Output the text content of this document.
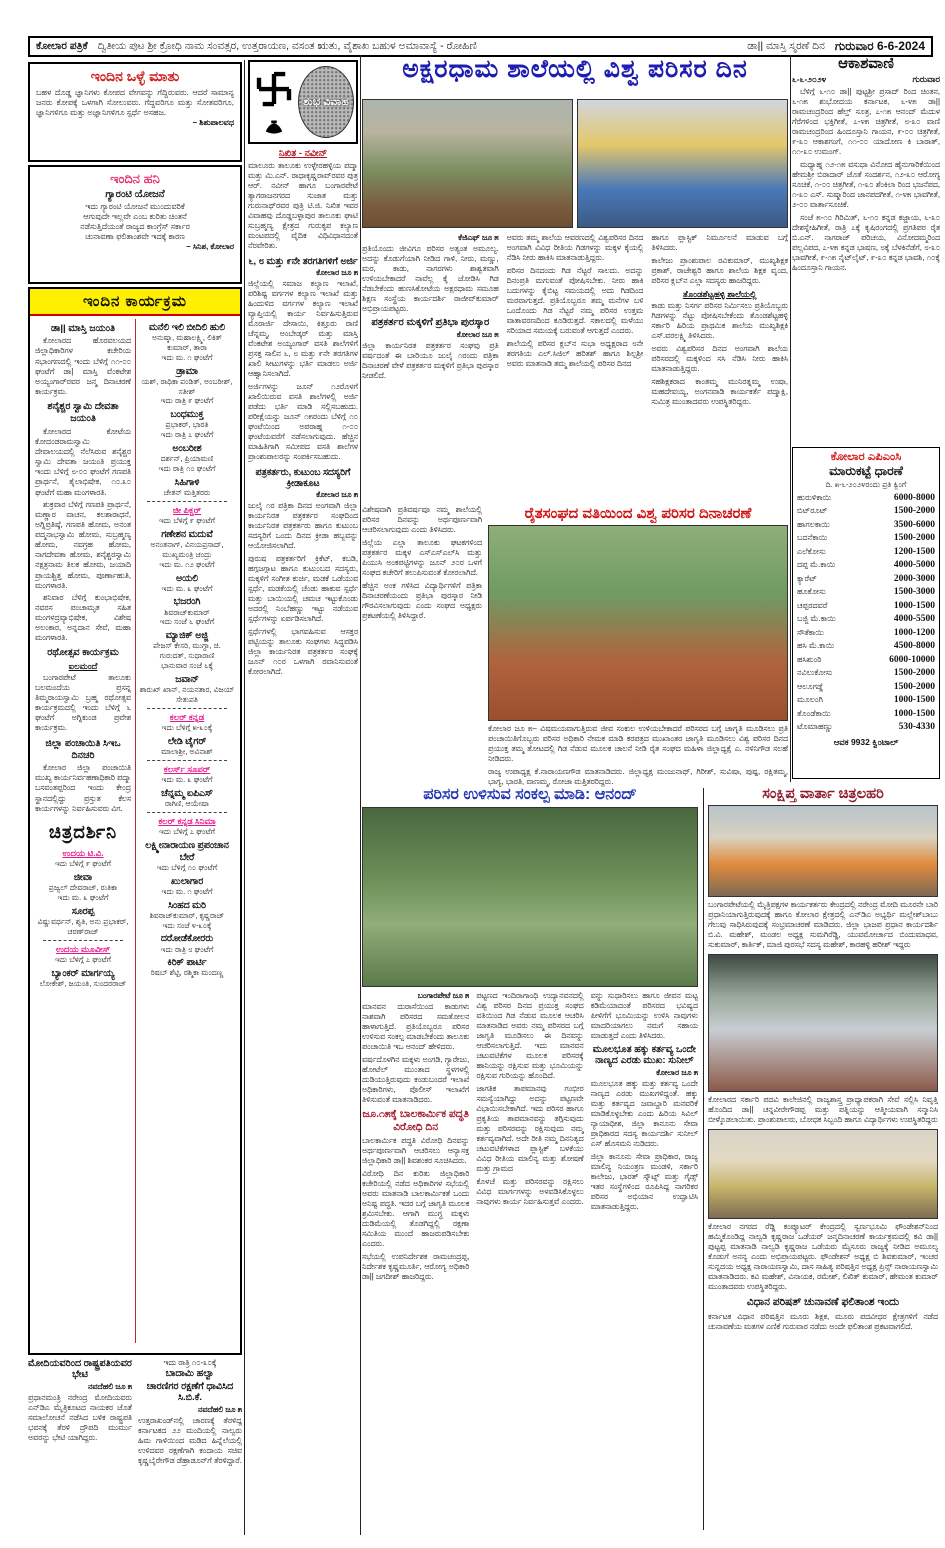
ಕೋಲಾರ ಪತ್ರಿಕೆ ದ್ವಿತೀಯ ಪುಟ ಶ್ರೀ ಕ್ರೋಧಿ ನಾಮ ಸಂವತ್ಸರ, ಉತ್ತರಾಯಣ, ವಸಂತ ಋತು, ವೈಶಾಖ ಬಹುಳ ಅಮಾವಾಸ್ಯೆ - ರೋಹಿಣಿ	ಡಾ|| ಮಾಸ್ತಿ ಸ್ಮರಣೆ ದಿನ ಗುರುವಾರ 6-6-2024
ಇಂದಿನ ಒಳ್ಳೆ ಮಾತು
ಬಹಳ ದೊಡ್ಡ ಜ್ಞಾನಿಗಳು ಕೋಪದ ವೇಗವನ್ನು ಗೆದ್ದಿರುವರು. ಆದರೆ ಸಾಮಾನ್ಯ ಜನರು ಕೋಪಕ್ಕೆ ಒಳಗಾಗಿ ಸೋಲುವರು. ಗೆದ್ದವರಿಗೂ ಮತ್ತು ಸೋತವರಿಗೂ, ಜ್ಞಾನಿಗಳಿಗೂ ಮತ್ತು ಅಜ್ಞಾನಿಗಳಿಗೂ ಸ್ಪರ್ಧೆ ಅಸಹಜ.
– ಶಿಶುಪಾಲವಧ
ಇಂದಿನ ಹನಿ
ಗ್ಯಾರಂಟಿ ಯೋಜನೆ
ಇದು ಗ್ಯಾರಂಟಿ ಯೋಜನೆ ಮುಂದುವರಿಕೆ
ಆಗುವುದೇ ಇಲ್ಲವೇ ಎಂಬ ಕುರಿತು ಚಿಂತನೆ
ನಡೆಸುತ್ತಿದೆಯಂತೆ ರಾಜ್ಯದ ಕಾಂಗ್ರೆಸ್ ಸರ್ಕಾರ
ಚುನಾವಣಾ ಫಲಿತಾಂಶವೇ ಇದಕ್ಕೆ ಕಾರಣ
– ಸಿನಿಶ, ಕೋಲಾರ
ಇಂದಿನ ಕಾರ್ಯಕ್ರಮ
ಡಾ|| ಮಾಸ್ತಿ ಜಯಂತಿ
ಕೋಲಾರದ ಹೊರವಲಯದ ಜಿಲ್ಲಾಧಿಕಾರಿಗಳ ಕಚೇರಿಯ ಸಭಾಂಗಣದಲ್ಲಿ ಇಂದು ಬೆಳಿಗ್ಗೆ ೧೧-೦೦ ಘಂಟೆಗೆ ಡಾ| ಮಾಸ್ತಿ ವೆಂಕಟೇಶ ಅಯ್ಯಂಗಾರ್‌ರವರ ಜನ್ಮ ದಿನಾಚರಣೆ ಕಾರ್ಯಕ್ರಮ.
ಶನೈಶ್ಚರ ಸ್ವಾಮಿ ದೇವತಾ ಜಯಂತಿ
ಕೋಲಾರದ ಕೋಟೆಯ ಕೋದಂಡರಾಮಸ್ವಾಮಿ ದೇವಾಲಯದಲ್ಲಿ ನೆಲೆಸಿರುವ ಶನೈಶ್ಚರ ಸ್ವಾಮಿ ದೇವತಾ ಜಯಂತಿ ಪ್ರಯುಕ್ತ ಇಂದು ಬೆಳಿಗ್ಗೆ ೮-೦೦ ಘಂಟೆಗೆ ಗಣಪತಿ ಪ್ರಾರ್ಥನೆ, ತೈಲಾಭಿಷೇಕ, ೧೦.೩೦ ಘಂಟೆಗೆ ಮಹಾ ಮಂಗಳಾರತಿ.
ಶುಕ್ರವಾರ ಬೆಳಿಗ್ಗೆ ಗಣಪತಿ ಪ್ರಾರ್ಥನೆ, ಮಣ್ಣಾರ ವಾಚನ, ಕಲಶಾರಾಧನೆ, ಅಗ್ನಿಪ್ರತಿಷ್ಠೆ, ಗಣಪತಿ ಹೋಮ, ಅನಂತ ಪದ್ಮನಾಭಸ್ವಾಮಿ ಹೋಮ, ಸುಬ್ರಹ್ಮಣ್ಯ ಹೋಮ, ನವಗ್ರಹ ಹೋಮ, ನಾಗದೇವತಾ ಹೋಮ, ಶನೈಶ್ಚರಸ್ವಾಮಿ ನಕ್ಷತ್ರನಾಮ ತಿಲಕ ಹೋಮ, ಜಯಾದಿ ಪ್ರಾಯಶ್ಚಿತ್ತ ಹೋಮ, ಪೂರ್ಣಾಹುತಿ, ಮಂಗಳಾರತಿ.
ಶನಿವಾರ ಬೆಳಿಗ್ಗೆ ಕುಂಭಾಭಿಷೇಕ, ನವರಸ ಪಂಚಾಮೃತ ಸಹಿತ ಮಂಗಳದ್ರವ್ಯಾಭಿಷೇಕ, ವಿಶೇಷ ಅಲಂಕಾರ, ಅನ್ನದಾನ ಸೇವೆ, ಮಹಾ ಮಂಗಳಾರತಿ.
ರಥೋತ್ಸವ ಕಾರ್ಯಕ್ರಮ
ಐಲಮಂದೆ
ಬಂಗಾರಪೇಟೆ ತಾಲೂಕು ಬಲಮಂದೆಯ ಪ್ರಸನ್ನ ತಿಮ್ಮರಾಯಸ್ವಾಮಿ ಬ್ರಹ್ಮ ರಥೋತ್ಸವ ಕಾರ್ಯಕ್ರಮದಲ್ಲಿ ಇಂದು ಬೆಳಿಗ್ಗೆ ೬ ಘಂಟೆಗೆ ಅಗ್ನಿಕುಂಡ ಪ್ರವೇಶ ಕಾರ್ಯಕ್ರಮ.
ಜಿಲ್ಲಾ ಪಂಚಾಯಿತಿ ಸಿಇಒ ದಿನಚರಿ
ಕೋಲಾರ ಜಿಲ್ಲಾ ಪಂಚಾಯಿತಿ ಮುಖ್ಯ ಕಾರ್ಯನಿರ್ವಹಣಾಧಿಕಾರಿ ಪದ್ಮಾ ಬಸವಂತಪ್ಪರಿಂದ ಇಂದು ಕೇಂದ್ರ ಸ್ಥಾನದಲ್ಲಿದ್ದು ಪ್ರಸ್ತುತ ಕೆಲಸ ಕಾರ್ಯಗಳನ್ನು ನಿರ್ವಹಿಸುವರು ವಿಗ.
ಚಿತ್ರದರ್ಶಿನಿ
ಉದಯ ಟಿ.ವಿ.
ಇದು ಬೆಳಿಗ್ಗೆ ೯ ಘಂಟೆಗೆ
ಜೀವಾ
ಪ್ರಜ್ವಲ್ ದೇವರಾಜ್, ರುತಿಕಾ
ಇದು ಮ. ೩ ಘಂಟೆಗೆ
ಸೂರಪ್ಪ
ವಿಷ್ಣುವರ್ಧನ್, ಶೃತಿ, ಅನು ಪ್ರಭಾಕರ್, ಚರಣ್‌ರಾಜ್
ಉದಯ ಮೂವೀಸ್
ಇದು ಬೆಳಿಗ್ಗೆ ೭ ಘಂಟೆಗೆ
ಬ್ಯಾಂಕರ್ ಮಾರ್ಗಯ್ಯ
ಲೋಕೇಶ್, ಜಯಂತಿ, ಸುಂದರರಾಜ್
ಮನೆಲಿ ಇಲಿ ಬೀದಿಲಿ ಹುಲಿ
ಅನುಷ್ಕಾ, ಮಹಾಲಕ್ಷ್ಮಿ, ಲಿಕಿತ್ ಕುಮಾರ್, ತಾರಾ
ಇದು ಮ. ೧ ಘಂಟೆಗೆ
ಡ್ರಾಮಾ
ಯಶ್, ರಾಧಿಕಾ ಪಂಡಿತ್, ಅಂಬರೀಶ್, ಸತೀಶ್
ಇದು ರಾತ್ರಿ ೯ ಘಂಟೆಗೆ
ಬಂಧಮುಕ್ತ
ಪ್ರಭಾಕರ್, ಭಾರತಿ
ಇದು ರಾತ್ರಿ ೭ ಘಂಟೆಗೆ
ಅಂಬರೀಶ
ದರ್ಶನ್, ಪ್ರಿಯಾಮಣಿ
ಇದು ರಾತ್ರಿ ೧೦ ಘಂಟೆಗೆ
ಸಿಹಿಗಾಳಿ
ಚೇತನ್ ಮತ್ತಿತರರು
ಜೀ ಪಿಕ್ಚರ್
ಇದು ಬೆಳಿಗ್ಗೆ ೯ ಘಂಟೆಗೆ
ಗಣೇಶನ ಮದುವೆ
ಅನಂತನಾಗ್, ವಿನಯಪ್ರಸಾದ್, ಮುಖ್ಯಮಂತ್ರಿ ಚಂದ್ರು
ಇದು ಮ. ೧೨ ಘಂಟೆಗೆ
ಅಯಲಿ
ಇದು ಮ. ೩ ಘಂಟೆಗೆ
ಭಜರಂಗಿ
ಶಿವರಾಜ್‌ಕುಮಾರ್
ಇದು ಸಂಜೆ ೬ ಘಂಟೆಗೆ
ಮ್ಯಾಜಿಕ್ ಅಜ್ಜಿ
ಪೇಜಸ್ ಕೇಸರಿ, ಮುಗ್ಧಾ, ಚಿ. ಗುರುದತ್, ಸುಧಾರಾಣಿ
ಭಾನುವಾರ ಸಂಜೆ ೬ಕ್ಕೆ
ಜವಾನ್
ಶಾರುಖ್ ಖಾನ್, ನಯನತಾರ, ವಿಜಯ್ ಸೇತುಪತಿ
ಕಲರ್ ಕನ್ನಡ
ಇದು ಬೆಳಿಗ್ಗೆ ೫-೩೦ಕ್ಕೆ
ಲೇಡಿ ಟೈಗರ್
ಮಾಲಾಶ್ರೀ, ಅವಿನಾಶ್
ಕಲರ್ಸ್ ಸೂಪರ್
ಇದು ಮ. ೩ ಘಂಟೆಗೆ
ಚೆನ್ನಮ್ಮ ಐಪಿಎಸ್
ರಾಗಿಣಿ, ಆಯೇಷಾ
ಕಲರ್ ಕನ್ನಡ ಸಿನಿಮಾ
ಇದು ಬೆಳಿಗ್ಗೆ ೭ ಘಂಟೆಗೆ
ಲಕ್ಷ್ಮೀನಾರಾಯಣ ಪ್ರಪಂಚಾನ ಬೇರೆ
ಇದು ಬೆಳಿಗ್ಗೆ ೧೦ ಘಂಟೆಗೆ
ಖುಲಾಗಾರ
ಇದು ಮ. ೧ ಘಂಟೆಗೆ
ಸಿಂಹದ ಮರಿ
ಶಿವರಾಜ್‌ಕುಮಾರ್, ಕೃಷ್ಣರಾಜ್
ಇದು ಸಂಜೆ ೪-೩೦ಕ್ಕೆ
ದರೋಡೆಕೋರರು
ಇದು ರಾತ್ರಿ ೮ ಘಂಟೆಗೆ
ಕಿರಿಕ್ ಪಾರ್ಟಿ
ರಿಷಬ್ ಶೆಟ್ಟಿ, ರಶ್ಮಿಕಾ ಮಂದಣ್ಣ
ಮೋದಿಯವರಿಂದ ರಾಷ್ಟ್ರಪತಿಯವರ ಭೇಟಿ
ನವದೆಹಲಿ ಜೂ ೫

ಪ್ರಧಾನಮಂತ್ರಿ ನರೇಂದ್ರ ಮೋದಿಯವರು ಎನ್‌ಡಿಎ ಮೈತ್ರಿಕೂಟದ ನಾಯಕರ ಜೊತೆ ಸಮಾಲೋಚನೆ ನಡೆಸಿದ ಬಳಿಕ ರಾಷ್ಟ್ರಪತಿ ಭವನಕ್ಕೆ ತೆರಳಿ ದ್ರೌಪದಿ ಮುರ್ಮು ಅವರನ್ನು ಭೇಟಿ ಯಾಗಿದ್ದರು.

ಇದು ರಾತ್ರಿ ೧೦-೩೦ಕ್ಕೆ
ಬಾದಾಮಿ ಹಲ್ವಾ
ಚಾರಣಿಗರ ರಕ್ಷಣೆಗೆ ಧಾವಿಸಿದ ಸಿ.ಬಿ.ಕೆ.
ನವದೆಹಲಿ ಜೂ ೫

ಉತ್ತರಾಖಂಡ್‌ನಲ್ಲಿ ಚಾರಣಕ್ಕೆ ತೆರಳಿದ್ದ ಕರ್ನಾಟಕದ ೨೨ ಮಂದಿಯಲ್ಲಿ ನಾಲ್ವರು ಹಿಮ ಗಾಳಿಯಿಂದ ಮಡಿದ ಹಿನ್ನೆಲೆಯಲ್ಲಿ ಉಳಿದವರ ರಕ್ಷಣೆಗಾಗಿ ಕಂದಾಯ ಸಚಿವ ಕೃಷ್ಣಬೈರೇಗೌಡ ಡೆಹ್ರಾಡೂನ್‌ಗೆ ತೆರಳಿದ್ದಾರೆ.

ಶುಭ ವಿವಾಹ
ನಿಖಿತ - ನವೀನ್

ಮಾಲೂರು ತಾಲೂಕು ಉಳ್ಳೇರಹಳ್ಳಿಯ ಪದ್ಮಾ ಮತ್ತು ಮಿ.ಎನ್. ರಾಧಾಕೃಷ್ಣರಾವ್‌ರವರ ಪುತ್ರ ಆರ್. ನವೀನ್ ಹಾಗೂ ಬಂಗಾರಪೇಟೆ ತ್ಯಾಗರಾಜನಗರದ ಸುಜಾತ ಮತ್ತು ಗುರುನಾಥ್‌ರವರ ಪುತ್ರಿ ಟಿ.ಜಿ. ನಿಖಿತ ಇವರ ವಿವಾಹವು ದೊಡ್ಡಬಳ್ಳಾಪುರ ತಾಲೂಕು ಘಾಟಿ ಸುಬ್ರಹ್ಮಣ್ಯ ಕ್ಷೇತ್ರದ ಗುರುಕೃಪ ಕಲ್ಯಾಣ ಮಂಟಪದಲ್ಲಿ ವೈದಿಕ ವಿಧಿವಿಧಾನದಂತೆ ನೆರವೇರಿತು.

೬, ೮ ಮತ್ತು ೯ನೇ ತರಗತಿಗಳಿಗೆ ಅರ್ಜಿ
ಕೋಲಾರ ಜೂ ೫

ಜಿಲ್ಲೆಯಲ್ಲಿ ಸಮಾಜ ಕಲ್ಯಾಣ ಇಲಾಖೆ, ಪರಿಶಿಷ್ಟ ವರ್ಗಗಳ ಕಲ್ಯಾಣ ಇಲಾಖೆ ಮತ್ತು ಹಿಂದುಳಿದ ವರ್ಗಗಳ ಕಲ್ಯಾಣ ಇಲಾಖೆ ವ್ಯಾಪ್ತಿಯಲ್ಲಿ ಕಾರ್ಯ ನಿರ್ವಹಿಸುತ್ತಿರುವ ಮೊರಾರ್ಜಿ ದೇಸಾಯಿ, ಕಿತ್ತೂರು ರಾಣಿ ಚೆನ್ನಮ್ಮ, ಅಂಬೇಡ್ಕರ್ ಮತ್ತು ಮಾಸ್ತಿ ವೆಂಕಟೇಶ ಅಯ್ಯಂಗಾರ್ ವಸತಿ ಶಾಲೆಗಳಿಗೆ ಪ್ರಸಕ್ತ ಸಾಲಿನ ೬, ೮ ಮತ್ತು ೯ನೇ ತರಗತಿಗಳ ಖಾಲಿ ಸೀಟುಗಳನ್ನು ಭರ್ತಿ ಮಾಡಲು ಅರ್ಜಿ ಆಹ್ವಾನಿಸಲಾಗಿದೆ.

ಅರ್ಜಿಗಳನ್ನು ಜೂನ್ ೧೨ರೊಳಗೆ ಖಾಲಿಯಿರುವ ವಸತಿ ಶಾಲೆಗಳಲ್ಲಿ ಅರ್ಜಿ ಪಡೆದು ಭರ್ತಿ ಮಾಡಿ ಸಲ್ಲಿಸಬಹುದು. ಪರೀಕ್ಷೆಯನ್ನು ಜೂನ್ ೧೫ರಂದು ಬೆಳಿಗ್ಗೆ ೧೦ ಘಂಟೆಯಿಂದ ಅಪರಾಹ್ನ ೧-೦೦ ಘಂಟೆಯವರೆಗೆ ನಡೆಸಲಾಗುವುದು. ಹೆಚ್ಚಿನ ಮಾಹಿತಿಗಾಗಿ ಸಮೀಪದ ವಸತಿ ಶಾಲೆಗಳ ಪ್ರಾಂಶುಪಾಲರನ್ನು ಸಂಪರ್ಕಿಸಬಹುದು.

ಪತ್ರಕರ್ತರು, ಕುಟುಂಬ ಸದಸ್ಯರಿಗೆ ಕ್ರೀಡಾಕೂಟ
ಕೋಲಾರ ಜೂ ೫

ಜುಲೈ ೧ರ ಪತ್ರಿಕಾ ದಿನದ ಅಂಗವಾಗಿ ಜಿಲ್ಲಾ ಕಾರ್ಯನಿರತ ಪತ್ರಕರ್ತರ ಸಂಘದಿಂದ ಕಾರ್ಯನಿರತ ಪತ್ರಕರ್ತರು ಹಾಗೂ ಕುಟುಂಬ ಸದಸ್ಯರಿಗೆ ಒಂದು ದಿನದ ಕ್ರೀಡಾ ಹಬ್ಬವನ್ನು ಆಯೋಜಿಸಲಾಗಿದೆ.

ಪುರುಷ ಪತ್ರಕರ್ತರಿಗೆ ಕ್ರಿಕೆಟ್, ಕಬಡಿ, ಹಗ್ಗಜಗ್ಗಾಟ ಹಾಗೂ ಕುಟುಂಬದ ಸದಸ್ಯರು, ಮಕ್ಕಳಿಗೆ ಸಂಗೀತ ಕುರ್ಚಿ, ಮಡಕೆ ಒಡೆಯುವ ಸ್ಪರ್ಧೆ, ಮಡಕೆಯಲ್ಲಿ ಚೆಂಡು ಹಾಕುವ ಸ್ಪರ್ಧೆ ಮತ್ತು ಬಾಯಿಯಲ್ಲಿ ಚಮಚ ಇಟ್ಟುಕೊಂಡು ಅದರಲ್ಲಿ ನಿಂಬೆಹಣ್ಣು ಇಟ್ಟು ನಡೆಯುವ ಸ್ಪರ್ಧೆಗಳನ್ನು ಏರ್ಪಡಿಸಲಾಗಿದೆ.

ಸ್ಪರ್ಧೆಗಳಲ್ಲಿ ಭಾಗವಹಿಸುವ ಆಸಕ್ತರ ಪಟ್ಟಿಯನ್ನು ತಾಲೂಕು ಸಂಘಗಳು ಸಿದ್ಧಪಡಿಸಿ ಜಿಲ್ಲಾ ಕಾರ್ಯನಿರತ ಪತ್ರಕರ್ತರ ಸಂಘಕ್ಕೆ ಜೂನ್ ೧೦ರ ಒಳಗಾಗಿ ರವಾನಿಸುವಂತೆ ಕೋರಲಾಗಿದೆ.

ಅಕ್ಷರಧಾಮ ಶಾಲೆಯಲ್ಲಿ ವಿಶ್ವ ಪರಿಸರ ದಿನ
ಕೆಜಿಎಫ್ ಜೂ ೫

ಪ್ರತಿಯೊಂದು ಜೀವಿಗೂ ಪರಿಸರ ಅತ್ಯಂತ ಅಮೂಲ್ಯ. ಅದನ್ನು ಕೊಡುಗೆಯಾಗಿ ನೀಡಿದ ಗಾಳಿ, ನೀರು, ಮಣ್ಣು, ಮರ, ಕಾಡು, ನಾಗರಗಳು ಶಾಶ್ವತವಾಗಿ ಉಳಿಯಬೇಕಾದರೆ ನಾವೆಲ್ಲ ಕೈ ಜೋಡಿಸಿ ಗಿಡ ನೆಡಬೇಕೆಂದು ಹುಣಸಿಕೋಟೆಯ ಅಕ್ಷರಧಾಮ ಸಮೂಹ ಶಿಕ್ಷಣ ಸಂಸ್ಥೆಯ ಕಾರ್ಯದರ್ಶಿ ರಾಜೀವ್‌ಕುಮಾರ್ ಅಭಿಪ್ರಾಯಪಟ್ಟರು.

ಪತ್ರಕರ್ತರ ಮಕ್ಕಳಿಗೆ ಪ್ರತಿಭಾ ಪುರಸ್ಕಾರ
ಕೋಲಾರ ಜೂ ೫

ಜಿಲ್ಲಾ ಕಾರ್ಯನಿರತ ಪತ್ರಕರ್ತರ ಸಂಘವು ಪ್ರತಿ ವರ್ಷದಂತೆ ಈ ಬಾರಿಯೂ ಜುಲೈ ೧ರಂದು ಪತ್ರಿಕಾ ದಿನಾಚರಣೆ ವೇಳೆ ಪತ್ರಕರ್ತರ ಮಕ್ಕಳಿಗೆ ಪ್ರತಿಭಾ ಪುರಸ್ಕಾರ ನೀಡಲಿದೆ.

ಅವರು ತಮ್ಮ ಶಾಲೆಯ ಆವರಣದಲ್ಲಿ ವಿಶ್ವಪರಿಸರ ದಿನದ ಅಂಗವಾಗಿ ವಿವಿಧ ರೀತಿಯ ಗಿಡಗಳನ್ನು ಮಕ್ಕಳ ಕೈಯಲ್ಲಿ ನೆಡಿಸಿ ನೀರು ಹಾಕಿಸಿ ಮಾತನಾಡುತ್ತಿದ್ದರು.

ಪರಿಸರ ದಿನದಂದು ಗಿಡ ನೆಟ್ಟರೆ ಸಾಲದು. ಅದನ್ನು ದಿನಂಪ್ರತಿ ಮಗುವಂತೆ ಪೋಷಿಸಬೇಕು. ನೀರು ಹಾಕಿ ಬದುಗಳನ್ನು ಕೈಬಿಟ್ಟ ಸಮಯದಲ್ಲಿ ಅದು ಗಿಡದಿಂದ ಮರವಾಗುತ್ತದೆ. ಪ್ರತಿಯೊಬ್ಬರೂ ತಮ್ಮ ಮನೆಗಳ ಬಳಿ ಒಂದೊಂದು ಗಿಡ ನೆಟ್ಟರೆ ನಮ್ಮ ಪರಿಸರ ಉತ್ತಮ ವಾತಾವರಣದಿಂದ ಕೂಡಿರುತ್ತದೆ. ಸಕಾಲದಲ್ಲಿ ಮಳೆಯು ಸರಿಯಾದ ಸಮಯಕ್ಕೆ ಬರುವಂತೆ ಆಗುತ್ತದೆ ಎಂದರು.

ಶಾಲೆಯಲ್ಲಿ ಪರಿಸರ ಕ್ಲಬ್‌ನ ಸುಭಾ ಅಧ್ಯಕ್ಷರಾದ ೮ನೇ ತರಗತಿಯ ಎಲ್.ಸಿಜಿಲ್ ಹರಿತಶ್ ಹಾಗೂ ಶಿಲ್ಪಶ್ರೀ ಅವರು ಮಾತನಾಡಿ ತಮ್ಮ ಶಾಲೆಯಲ್ಲಿ ಪರಿಸರ ದಿನದ

ಹಾಗೂ ಪ್ಲಾಸ್ಟಿಕ್ ನಿರ್ಮೂಲನೆ ಮಾಡುವ ಬಗ್ಗೆ ತಿಳಿಸಿದರು.

ಕಾಲೇಜು ಪ್ರಾಂಶುಪಾಲ ರವಿಕುಮಾರ್, ಮುಖ್ಯಶಿಕ್ಷಕ ಪ್ರಕಾಶ್, ರಾಜೇಶ್ವರಿ ಹಾಗೂ ಶಾಲೆಯ ಶಿಕ್ಷಕ ವೃಂದ, ಪರಿಸರ ಕ್ಲಬ್‌ನ ಎಲ್ಲಾ ಸದಸ್ಯರು ಹಾಜರಿದ್ದರು.

ತೊಂಡಶೆಟ್ಟಹಳ್ಳಿ ಶಾಲೆಯಲ್ಲಿ

ಕಾಡು ಮತ್ತು ನಿಸರ್ಗ ಪರಿಸರ ನಿರ್ಮಿಸಲು ಪ್ರತಿಯೊಬ್ಬರು ಗಿಡಗಳನ್ನು ನೆಟ್ಟು ಪೋಷಿಸಬೇಕೆಂದು ತೊಂಡಶೆಟ್ಟಹಳ್ಳಿ ಸರ್ಕಾರಿ ಹಿರಿಯ ಪ್ರಾಥಮಿಕ ಶಾಲೆಯ ಮುಖ್ಯಶಿಕ್ಷಕಿ ಎಸ್.ವರಲಕ್ಷ್ಮಿ ತಿಳಿಸಿದರು.

ಅವರು ವಿಶ್ವಪರಿಸರ ದಿನದ ಅಂಗವಾಗಿ ಶಾಲೆಯ ಪರಿಸರದಲ್ಲಿ ಮಕ್ಕಳಿಂದ ಸಸಿ ನೆಡಿಸಿ ನೀರು ಹಾಕಿಸಿ ಮಾತನಾಡುತ್ತಿದ್ದರು.

ಸಹಶಿಕ್ಷಕರಾದ ಕಾಂತಮ್ಮ ಮುನಿರತ್ನಮ್ಮ ಉಷಾ, ಮಹದೇವಯ್ಯ, ಅಂಗನವಾಡಿ ಕಾರ್ಯಕರ್ತೆ ಪದ್ಮಾಕ್ಷಿ, ಸುಮಿತ್ರ ಮುಂತಾದವರು ಉಪಸ್ಥಿತರಿದ್ದರು.

ವಿಶೇಷವಾಗಿ ಪ್ರತಿವರ್ಷವೂ ನಮ್ಮ ಶಾಲೆಯಲ್ಲಿ ಪರಿಸರ ದಿನವನ್ನು ಅರ್ಥಪೂರ್ಣವಾಗಿ ಆಚರಿಸಲಾಗುವುದು ಎಂದು ತಿಳಿಸಿದರು.

ಜಿಲ್ಲೆಯ ಎಲ್ಲಾ ತಾಲೂಕು ಘಟಕಗಳಿಂದ ಪತ್ರಕರ್ತರ ಮಕ್ಕಳ ಎಸ್‌ಎಸ್‌ಎಲ್‌ಸಿ ಮತ್ತು ಪಿಯುಸಿ ಅಂಕಪಟ್ಟಿಗಳನ್ನು ಜೂನ್ ೨೦ರ ಒಳಗೆ ಸಂಘದ ಕಚೇರಿಗೆ ತಲುಪಿಸುವಂತೆ ಕೋರಲಾಗಿದೆ.

ಹೆಚ್ಚಿನ ಅಂಕ ಗಳಿಸಿದ ವಿದ್ಯಾರ್ಥಿಗಳಿಗೆ ಪತ್ರಿಕಾ ದಿನಾಚರಣೆಯಂದು ಪ್ರತಿಭಾ ಪುರಸ್ಕಾರ ನೀಡಿ ಗೌರವಿಸಲಾಗುವುದು ಎಂದು ಸಂಘದ ಅಧ್ಯಕ್ಷರು ಪ್ರಕಟಣೆಯಲ್ಲಿ ತಿಳಿಸಿದ್ದಾರೆ.

ರೈತಸಂಘದ ವತಿಯಿಂದ ವಿಶ್ವ ಪರಿಸರ ದಿನಾಚರಣೆ
ಕೋಲಾರ ಜೂ ೫– ವಿಷಮಯವಾಗುತ್ತಿರುವ ಜೀವ ಸಂಕುಲ ಉಳಿಯಬೇಕಾದರೆ ಪರಿಸರದ ಬಗ್ಗೆ ಜಾಗೃತಿ ಮೂಡಿಸಲು ಪ್ರತಿ ಪಂಚಾಯಿತಿಗೊಬ್ಬರು ಪರಿಸರ ಅಧಿಕಾರಿ ನೇಮಕ ಮಾಡಿ ಕರಪತ್ರದ ಮುಖಾಂತರ ಜಾಗೃತಿ ಮೂಡಿಸಲು ವಿಶ್ವ ಪರಿಸರ ದಿನದ ಪ್ರಯುಕ್ತ ತಮ್ಮ ತೋಟದಲ್ಲಿ ಗಿಡ ನೆಡುವ ಮೂಲಕ ಚಾಲನೆ ನೀಡಿ ರೈತ ಸಂಘದ ಮಹಿಳಾ ಜಿಲ್ಲಾಧ್ಯಕ್ಷೆ ಎ. ನಳಿನಿಗೌಡ ಸಲಹೆ ನೀಡಿದರು.
ರಾಜ್ಯ ಉಪಾಧ್ಯಕ್ಷ ಕೆ.ನಾರಾಯಣಗೌಡ ಮಾತನಾಡಿದರು. ಜಿಲ್ಲಾಧ್ಯಕ್ಷ ಮಂಜುನಾಥ್, ಗಿರೀಶ್, ಸುವಿಷಾ, ಪುಷ್ಪ, ರಕ್ಷಿತಮ್ಮ, ಭಾಗ್ಯ, ಭಾರತಿ, ವಾಣಮ್ಮ, ರೋಜಾ ಮತ್ತಿತರರಿದ್ದರು.
ಪರಿಸರ ಉಳಿಸುವ ಸಂಕಲ್ಪ ಮಾಡಿ: ಆನಂದ್
ಬಂಗಾರಪೇಟೆ ಜೂ ೫

ಮಾನವನ ದುರಾಸೆಯಿಂದ ಕಾಡುಗಳು ನಾಶವಾಗಿ ಪರಿಸರದ ಸಮತೋಲನ ಹಾಳಾಗುತ್ತಿದೆ. ಪ್ರತಿಯೊಬ್ಬರೂ ಪರಿಸರ ಉಳಿಸುವ ಸಂಕಲ್ಪ ಮಾಡಬೇಕೆಂದು ತಾಲೂಕು ಪಂಚಾಯಿತಿ ಇಒ ಆನಂದ್ ಹೇಳಿದರು.

ವರ್ಷದೊಳಗಿನ ಮಕ್ಕಳು ಅಂಗಡಿ, ಗ್ಯಾರೇಜು, ಹೋಟೆಲ್ ಮುಂತಾದ ಸ್ಥಳಗಳಲ್ಲಿ ದುಡಿಯುತ್ತಿರುವುದು ಕಂಡುಬಂದರೆ ಇಲಾಖೆ ಅಧಿಕಾರಿಗಳು, ಪೊಲೀಸ್ ಇಲಾಖೆಗೆ ತಿಳಿಸುವಂತೆ ಮಾತನಾಡಿದರು.

ಜೂ.೧೫ಕ್ಕೆ ಬಾಲಕಾರ್ಮಿಕ ಪದ್ಧತಿ ವಿರೋಧಿ ದಿನ

ಬಾಲಕಾರ್ಮಿಕ ಪದ್ಧತಿ ವಿರೋಧಿ ದಿನವನ್ನು ಅರ್ಥಪೂರ್ಣವಾಗಿ ಆಚರಿಸಲು ಆನ್ಯಾಸಕ್ತ ಜಿಲ್ಲಾಧಿಕಾರಿ ಡಾ|| ಶಿವಶಂಕರ ಸೂಚಿಸಿದರು.

ವಿರೋಧಿ ದಿನ ಕುರಿತು ಜಿಲ್ಲಾಧಿಕಾರಿ ಕಚೇರಿಯಲ್ಲಿ ನಡೆದ ಅಧಿಕಾರಿಗಳ ಸಭೆಯಲ್ಲಿ ಅವರು ಮಾತನಾಡಿ ಬಾಲಕಾರ್ಮಿಕತೆ ಒಂದು ಅನಿಷ್ಟ ಪದ್ಧತಿ. ಇದರ ಬಗ್ಗೆ ಜಾಗೃತಿ ಮೂಲಕ ಶ್ರಮಿಸಬೇಕು. ಆಗಾಗಿ ಮುಗ್ಧ ಮಕ್ಕಳು ದುಡಿಮೆಯಲ್ಲಿ ತೊಡಗಿದ್ದಲ್ಲಿ ರಕ್ಷಣಾ ಸಮಿತಿಯ ಮುಂದೆ ಹಾಜರುಪಡಿಸಬೇಕು ಎಂದರು.

ಸಭೆಯಲ್ಲಿ ಉಪನಿರ್ದೇಶಕ ರಾಮಚಂದ್ರಪ್ಪ, ನಿರ್ದೇಶಕ ಕೃಷ್ಣಮೂರ್ತಿ, ಆರೋಗ್ಯ ಅಧಿಕಾರಿ ಡಾ|| ಜಗದೀಶ್ ಹಾಜರಿದ್ದರು.

ಪಟ್ಟಣದ ಇಂದಿರಾಗಾಂಧಿ ಉದ್ಯಾನವನದಲ್ಲಿ ವಿಶ್ವ ಪರಿಸರ ದಿನದ ಪ್ರಯುಕ್ತ ಸಂಘದ ವತಿಯಿಂದ ಗಿಡ ನೆಡುವ ಮೂಲಕ ಆಚರಿಸಿ ಮಾತನಾಡಿದ ಅವರು ನಮ್ಮ ಪರಿಸರದ ಬಗ್ಗೆ ಜಾಗೃತಿ ಮೂಡಿಸಲು ಈ ದಿನವನ್ನು ಆಚರಿಸಲಾಗುತ್ತಿದೆ. ಇದು ಮಾನವನ ಚಟುವಟಿಕೆಗಳ ಮೂಲಕ ಪರಿಸರಕ್ಕೆ ಹಾನಿಯನ್ನು ರಕ್ಷಿಸುವ ಮತ್ತು ಭೂಮಿಯನ್ನು ರಕ್ಷಿಸುವ ಗುರಿಯನ್ನು ಹೊಂದಿದೆ.

ಜಾಗತಿಕ ತಾಪಮಾನವು ಗಂಭೀರ ಸಮಸ್ಯೆಯಾಗಿದ್ದು ಅದನ್ನು ಪಟ್ಟಣವೇ ವಿಭಾಯಿಸಬೇಕಾಗಿದೆ. ಇದು ಪರಿಸರ ಹಾಗೂ ಪ್ರಕೃತಿಯ ತಾಪಮಾನವನ್ನು ತಗ್ಗಿಸುವುದು ಮತ್ತು ಪರಿಸರವನ್ನು ರಕ್ಷಿಸುವುದು ನಮ್ಮ ಕರ್ತವ್ಯವಾಗಿದೆ. ಅದೇ ರೀತಿ ನಮ್ಮ ದಿನನಿತ್ಯದ ಚಟುವಟಿಕೆಗಳಾದ ಪ್ಲಾಸ್ಟಿಕ್ ಬಳಕೆಯು ವಿವಿಧ ರೀತಿಯ ಮಾಲಿನ್ಯ ಮತ್ತು ಶೋಷಣೆ ಮತ್ತು ಗ್ರಾಮದ

ಕೊಳಚೆ ಮತ್ತು ಪರಿಸರವನ್ನು ರಕ್ಷಿಸಲು ವಿವಿಧ ಮಾರ್ಗಗಳನ್ನು ಅಳವಡಿಸಿಕೊಳ್ಳಲು ನಾವುಗಳು ಕಾರ್ಯ ನಿರ್ವಹಿಸುತ್ತವೆ ಎಂದರು.

ವನ್ನು ಸುಧಾರಿಸಲು ಹಾಗೂ ಜೀವನ ಮಟ್ಟ ಕಡಿಮೆಯಾದಂತೆ ಪರಿಸರದ ಭವಿಷ್ಯದ ಪೀಳಿಗೆಗೆ ಭೂಮಿಯನ್ನು ಉಳಿಸಿ ನಾವುಗಳು ಮಾದರಿಯಾಗಲು ನಮಗೆ ಸಹಾಯ ಮಾಡುತ್ತದೆ ಎಂದು ತಿಳಿಸಿದರು.

ಮೂಲಭೂತ ಹಕ್ಕು ಕರ್ತವ್ಯ ಒಂದೇ ನಾಣ್ಯದ ಎರಡು ಮುಖ: ಸುನೀಲ್
ಕೋಲಾರ ಜೂ ೫

ಮೂಲಭೂತ ಹಕ್ಕು ಮತ್ತು ಕರ್ತವ್ಯ ಒಂದೇ ನಾಣ್ಯದ ಎರಡು ಮುಖಗಳಿದ್ದಂತೆ. ಹಕ್ಕು ಮತ್ತು ಕರ್ತವ್ಯದ ಜವಾಬ್ದಾರಿ ಮನವರಿಕೆ ಮಾಡಿಕೊಳ್ಳಬೇಕು ಎಂದು ಹಿರಿಯ ಸಿವಿಲ್ ನ್ಯಾಯಾಧೀಶ, ಜಿಲ್ಲಾ ಕಾನೂನು ಸೇವಾ ಪ್ರಾಧಿಕಾರದ ಸದಸ್ಯ ಕಾರ್ಯದರ್ಶಿ ಸುನೀಲ್ ಎಸ್ ಹೊಸಮನಿ ನುಡಿದರು.

ಜಿಲ್ಲಾ ಕಾನೂನು ಸೇವಾ ಪ್ರಾಧಿಕಾರ, ರಾಜ್ಯ ಮಾಲಿನ್ಯ ನಿಯಂತ್ರಣ ಮಂಡಳಿ, ಸರ್ಕಾರಿ ಕಾಲೇಜು, ಭಾರತ್ ಸ್ಕೌಟ್ಸ್ ಮತ್ತು ಗೈಡ್ಸ್ ಇತರ ಸಂಸ್ಥೆಗಳಿಂದ ರೂಪಿಸಿದ್ದ ನಾಗರಿಕರ ಪರಿಸರ ಅಭಿಯಾನ ಉದ್ಘಾಟಿಸಿ ಮಾತನಾಡುತ್ತಿದ್ದರು.

ಸಂಕ್ಷಿಪ್ತ ವಾರ್ತಾ ಚಿತ್ರಲಹರಿ
ಬಂಗಾರಪೇಟೆಯಲ್ಲಿ ಮೈತ್ರಿಪಕ್ಷಗಳ ಕಾರ್ಯಕರ್ತರು ಕೇಂದ್ರದಲ್ಲಿ ನರೇಂದ್ರ ಮೋದಿ ಮೂರನೇ ಬಾರಿ ಪ್ರಧಾನಿಯಾಗುತ್ತಿರುವುದಕ್ಕೆ ಹಾಗೂ ಕೋಲಾರ ಕ್ಷೇತ್ರದಲ್ಲಿ ಎನ್‌ಡಿಎ ಅಭ್ಯರ್ಥಿ ಮಲ್ಲೇಶ್‌ಬಾಬು ಗೆಲುವು ಸಾಧಿಸಿರುವುದಕ್ಕೆ ಸಂಭ್ರಮಾಚರಣೆ ಮಾಡಿದರು. ಜಿಲ್ಲಾ ಭಾಜಪ ಪ್ರಧಾನ ಕಾರ್ಯದರ್ಶಿ ಬಿ.ವಿ. ಮಹೇಶ್, ಮಂಡಲ ಅಧ್ಯಕ್ಷ ಸುಮಗಿರೆಡ್ಡಿ, ಯುವಮೋರ್ಚಾದ ಬಿಂದುಮಾಧವ, ಸುಕುಮಾರ್, ಕಾರ್ತಿಕ್, ಮಾಜಿ ಪುರಸಭೆ ಸದಸ್ಯ ಮಹೇಶ್, ಕಾರಹಳ್ಳಿ ಹರೀಶ್ ಇದ್ದರು
ಕೋಲಾರದ ಸರ್ಕಾರಿ ಪದವಿ ಕಾಲೇಜಿನಲ್ಲಿ ರಾಜ್ಯಶಾಸ್ತ್ರ ಪ್ರಾಧ್ಯಾಪಕರಾಗಿ ಸೇವೆ ಸಲ್ಲಿಸಿ ನಿವೃತ್ತಿ ಹೊಂದಿದ ಡಾ|| ಚನ್ನವೀರೇಗೌಡಪ್ಪ ಮತ್ತು ಪತ್ನಿಯನ್ನು ಆತ್ಮೀಯವಾಗಿ ಸನ್ಮಾನಿಸಿ ಬೀಳ್ಕೊಡಲಾಯಿತು. ಪ್ರಾಂಶುಪಾಲರು, ಬೋಧಕ ಸಿಬ್ಬಂದಿ ಹಾಗೂ ವಿದ್ಯಾರ್ಥಿಗಳು ಉಪಸ್ಥಿತರಿದ್ದರು
ಕೋಲಾರ ನಗರದ ರೆಡ್ಡಿ ಕಂಪ್ಯೂಟರ್ ಕೇಂದ್ರದಲ್ಲಿ ಸ್ವರ್ಣಭೂಮಿ ಫೌಂಡೇಶನ್‌ನಿಂದ ಹಮ್ಮಿಕೊಂಡಿದ್ದ ನಾಲ್ವಡಿ ಕೃಷ್ಣರಾಜ ಒಡೆಯರ್ ಜನ್ಮದಿನಾಚರಣೆ ಕಾರ್ಯಕ್ರಮದಲ್ಲಿ ಕವಿ ಡಾ|| ಪುಟ್ಟಪ್ಪ ಮಾತನಾಡಿ ನಾಲ್ವಡಿ ಕೃಷ್ಣರಾಜ ಒಡೆಯರು ಮೈಸೂರು ರಾಜ್ಯಕ್ಕೆ ನೀಡಿದ ಅಮೂಲ್ಯ ಕೊಡುಗೆ ಅನನ್ಯ ಎಂದು ಅಭಿಪ್ರಾಯಪಟ್ಟರು. ಫೌಂಡೇಶನ್ ಅಧ್ಯಕ್ಷ ಬಿ ಶಿವಕುಮಾರ್, ಇಂಚರ ಸುನ್ನದಯ ಅಧ್ಯಕ್ಷ ನಾರಾಯಣಸ್ವಾಮಿ, ದಾಸ ಸಾಹಿತ್ಯ ಪರಿಷತ್ತಿನ ಅಧ್ಯಕ್ಷ ಪ್ರಿನ್ಸ್ ನಾರಾಯಣಸ್ವಾಮಿ ಮಾತನಾಡಿದರು. ಕವಿ ಮಹೇಶ್, ವಿನಾಯಕ, ರಮೇಶ್, ಲಿಖಿತ್ ಕುಮಾರ್, ಹೇಮಂತ ಕುಮಾರ್ ಮುಂತಾದವರು ಉಪಸ್ಥಿತರಿದ್ದರು.
ವಿಧಾನ ಪರಿಷತ್ ಚುನಾವಣೆ ಫಲಿತಾಂಶ ಇಂದು
ಕರ್ನಾಟಕ ವಿಧಾನ ಪರಿಷತ್ತಿನ ಮೂರು ಶಿಕ್ಷಕ, ಮೂರು ಪದವೀಧರ ಕ್ಷೇತ್ರಗಳಿಗೆ ನಡೆದ ಚುನಾವಣೆಯ ಮತಗಳ ಎಣಿಕೆ ಗುರುವಾರ ನಡೆದು ಅಂದೇ ಫಲಿತಾಂಶ ಪ್ರಕಟವಾಗಲಿದೆ.
ಆಕಾಶವಾಣಿ
೬-೬-೨೦೨೪	ಗುರುವಾರ

ಬೆಳಿಗ್ಗೆ ೬-೧೦ ಡಾ|| ಪುಟ್ಟಶ್ರೀ ಪ್ರಸಾದ್ ರಿಂದ ಚಿಂತನ, ೬-೧೫ ಶುಭೋದಯ ಕರ್ನಾಟಕ, ೬-೪೫ ಡಾ|| ರಾಮಚಂದ್ರರಿಂದ ಹೆಲ್ತ್ ಸೂತ್ರ, ೭-೧೫ ಆನಂದ್ ಮೆದುಳ ಗೆರೆಗಳಿಂದ ಭಕ್ತಿಗೀತೆ, ೭-೪೫ ಚಿತ್ರಗೀತೆ, ೮-೩೦ ವಾಣಿ ರಾಮಚಂದ್ರರಿಂದ ಹಿಂದೂಸ್ತಾನಿ ಗಾಯನ, ೯-೦೦ ಚಿತ್ರಗೀತೆ, ೯-೩೦ ಆಕಾಶಗಂಗೆ, ೧೧-೦೦ ಯಾದೋಣ ಕಿ ಬಾರಾತ್, ೧೧-೩೦ ಉಮಂಗ್.

ಮಧ್ಯಾಹ್ನ ೧೨-೧೫ ವಸುಧಾ ವಿನೋದ ಹೈನುಗಾರಿಕೆಯಿಂದ ಹೇಮಶ್ರೀ ಬಿರಾದಾರ್ ಜೊತೆ ಸಂದರ್ಶನ, ೧೨-೩೦ ಆರೋಗ್ಯ ಸೂಚಿಕೆ, ೧-೦೦ ಚಿತ್ರಗೀತೆ, ೧-೩೦ ಶೆಂಕಿಲಾ ರಿಂದ ಭಜನೆಪದ, ೧-೩೦ ಎಸ್. ಸುಷ್ಮಾರಿಂದ ಜಾನಪದಗೀತೆ, ೧-೪೫ ಭಾವಗೀತೆ, ೨-೦೦ ವಾರ್ತಾಸೂಚಿಕೆ.

ಸಂಜೆ ೫-೧೦ ಗಿರಿಮಿತ್, ೬-೧೦ ಕನ್ನಡ ಕಜ್ಜಾಯ, ೬-೩೦ ದೇಶಸ್ನೇಹಿಗೀತೆ, ರಾತ್ರಿ ೭ಕ್ಕೆ ಕೃಷಿರಂಗದಲ್ಲಿ ಪ್ರಗತಿಪರ ರೈತ ಬಿ.ಎನ್. ನಾಗರಾಜ್ ಪರಿಚಯ, ವಿನೋದಮ್ಮರಿಂದ ಪಲ್ಲವಿಪದ, ೭-೪೫ ಕನ್ನಡ ಭಾಷಣ, ೮ಕ್ಕೆ ಬೆಳಕಿನೆಡೆಗೆ, ೮-೩೦ ಭಾವಗೀತೆ, ೯-೧೫ ನೈಟ್‌ಲೈಟ್, ೯-೩೦ ಕನ್ನಡ ಭಾವಶಿ, ೧೦ಕ್ಕೆ ಹಿಂದೂಸ್ತಾನಿ ಗಾಯನ.

ಕೋಲಾರ ಎಪಿಎಂಸಿ
ಮಾರುಕಟ್ಟೆ ಧಾರಣೆ
ದಿ. ೫-೬-೨೦೨೪ರಂದು ಪ್ರತಿ ಕ್ವಿಂಗೆ
ಹುರುಳಿಕಾಯಿ	6000-8000
ಬಿಟ್‌ರೂಟ್	1500-2000
ಹಾಗಲಕಾಯಿ	3500-6000
ಬದನೆಕಾಯಿ	1500-2000
ಎಲೆಕೋಸು	1200-1500
ದಪ್ಪ ಮೆ.ಕಾಯಿ	4000-5000
ಕ್ಯಾರೆಟ್	2000-3000
ಹೂಕೋಸು	1500-3000
ಚಪ್ಪರದವರೆ	1000-1500
ಬಜ್ಜಿ ಮೆ.ಕಾಯಿ	4000-5500
ಸೌತೆಕಾಯಿ	1000-1200
ಹಸಿ ಮೆ.ಕಾಯಿ	4500-8000
ಹಸಿಶುಂಠಿ	6000-10000
ನವಿಲುಕೋಸು	1500-2000
ಆಲೂಗಡ್ಡೆ	1500-2000
ಮೂಲಂಗಿ	1000-1500
ತೊಂಡೆಕಾಯಿ	1000-1500
ಟೊಮಾಹಣ್ಣು	530-4330
ಆವಕ 9932 ಕ್ವಿಂಟಾಲ್
